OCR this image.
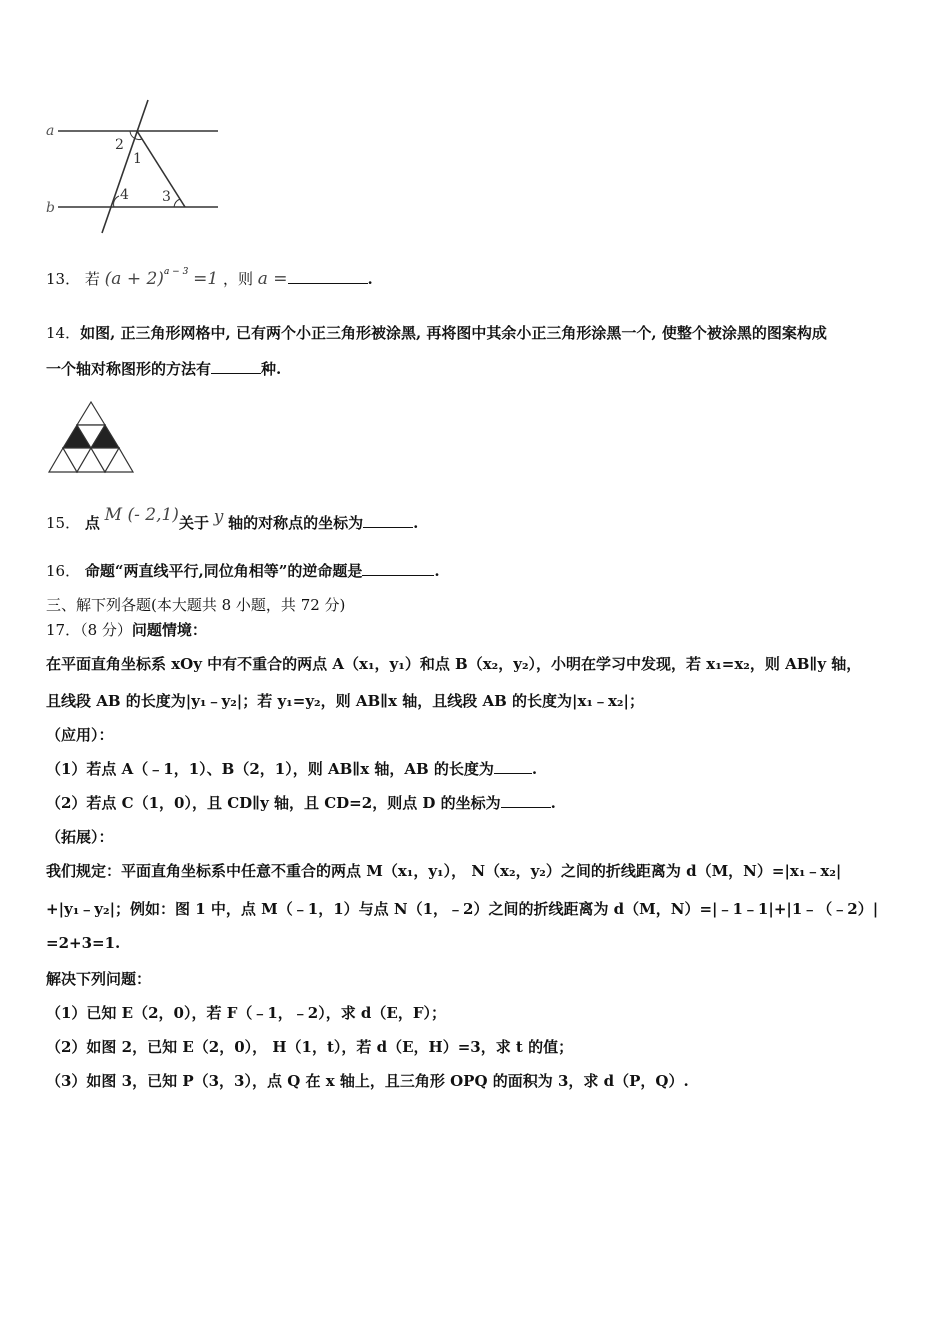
a
b
2
1
4 3
13． 若 $(a + 2)^{a - 3} =1$ ，则 a =	.
14．如图, 正三角形网格中, 已有两个小正三角形被涂黑, 再将图中其余小正三角形涂黑一个, 使整个被涂黑的图案构成
一个轴对称图形的方法有	种.
15． 点 M (- 2,1)关于 y 轴的对称点的坐标为	.
16． 命题“两直线平行,同位角相等”的逆命题是	.
三、解下列各题(本大题共 8 小题，共 72 分)
17．（8 分）问题情境：
在平面直角坐标系 xOy 中有不重合的两点 A（x₁，y₁）和点 B（x₂，y₂），小明在学习中发现，若 x₁=x₂，则 AB∥y 轴，
且线段 AB 的长度为|y₁﹣y₂|；若 y₁=y₂，则 AB∥x 轴，且线段 AB 的长度为|x₁﹣x₂|；
（应用）：
（1）若点 A（﹣1，1）、B（2，1），则 AB∥x 轴，AB 的长度为	.
（2）若点 C（1，0），且 CD∥y 轴，且 CD=2，则点 D 的坐标为	.
（拓展）：
我们规定：平面直角坐标系中任意不重合的两点 M（x₁，y₁）， N（x₂，y₂）之间的折线距离为 d（M，N）=|x₁﹣x₂|
+|y₁﹣y₂|；例如：图 1 中，点 M（﹣1，1）与点 N（1，﹣2）之间的折线距离为 d（M，N）=|﹣1﹣1|+|1﹣（﹣2）|
=2+3=1.
解决下列问题：
（1）已知 E（2，0），若 F（﹣1，﹣2），求 d（E，F）；
（2）如图 2，已知 E（2，0）， H（1，t），若 d（E，H）=3，求 t 的值；
（3）如图 3，已知 P（3，3），点 Q 在 x 轴上，且三角形 OPQ 的面积为 3，求 d（P，Q）.
